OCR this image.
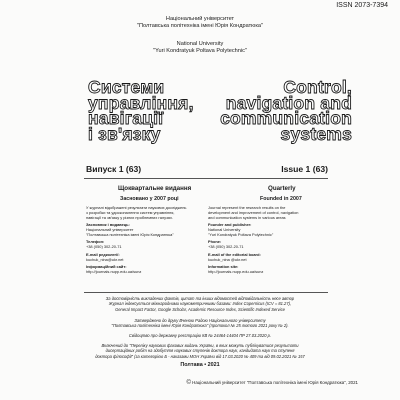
ISSN 2073-7394
Національний університет
"Полтавська політехніка імені Юрія Кондратюка"
National University
"Yuri Kondratyuk Poltava Polytechnic"
Системи
управління,
навігації
і зв'язку
Control,
navigation and
communication
systems
Випуск 1 (63)	Issue 1 (63)
Щоквартальне видання	Quarterly
Засновано у 2007 році	Founded in 2007
У журналі відображені результати наукових досліджень
з розробки та удосконалення систем управління,
навігації та зв'язку у різних проблемних галузях.
Засновник і видавець:
Національний університет
"Полтавська політехніка імені Юрія Кондратюка"
Телефон:
+38 (050) 302-20-71
E-mail редколегії:
kuchuk_nina@ukr.net
Інформаційний сайт:
http://journals.nupp.edu.ua/sunz
Journal represent the research results on the
development and improvement of control, navigation
and communication systems in various areas
Founder and publisher:
National University
"Yuri Kondratyuk Poltava Polytechnic"
Phone:
+38 (050) 302-20-71
E-mail of the editorial board:
kuchuk_nina @ukr.net
Information site:
http://journals.nupp.edu.ua/sunz
За достовірність викладених фактів, цитат та інших відомостей відповідальність несе автор
Журнал індексується міжнародними наукометричними базами: Index Copernicus (ICV = 81.27),
General Impact Factor, Google Scholar, Academic Resource Index, Scientific Indexed Service
Затверджено до друку Вченою Радою Національного університету
"Полтавська політехніка імені Юрія Кондратюка" (протокол № 25 лютого 2021 року № 2).
Свідоцтво про державну реєстрацію КВ № 24464-14404 ПР 27.03.2020 р.
Включений до "Переліку наукових фахових видань України, в яких можуть публікуватися результати
дисертаційних робіт на здобуття наукових ступенів доктора наук, кандидата наук та ступеня
доктора філософії" (за категорією Б - наказами МОН України від 17.03.2020 № 409 та від 09.02.2021 № 157
Полтава • 2021
© Національний університет "Полтавська політехніка імені Юрія Кондратюка", 2021
